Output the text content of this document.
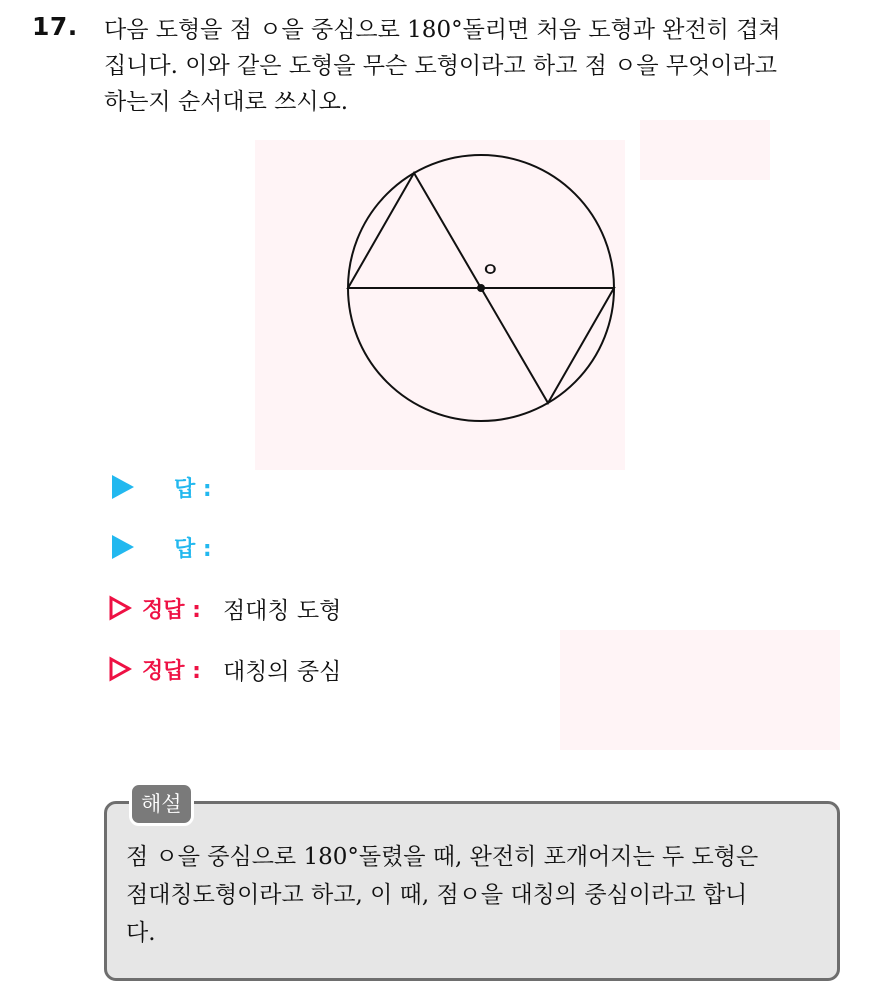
17. 다음 도형을 점 ㅇ을 중심으로 180°돌리면 처음 도형과 완전히 겹쳐
집니다. 이와 같은 도형을 무슨 도형이라고 하고 점 ㅇ을 무엇이라고
하는지 순서대로 쓰시오.
ㅇ
답 :
답 :
정답 : 점대칭 도형
정답 : 대칭의 중심
해설
점 ㅇ을 중심으로 180°돌렸을 때, 완전히 포개어지는 두 도형은
점대칭도형이라고 하고, 이 때, 점ㅇ을 대칭의 중심이라고 합니
다.
